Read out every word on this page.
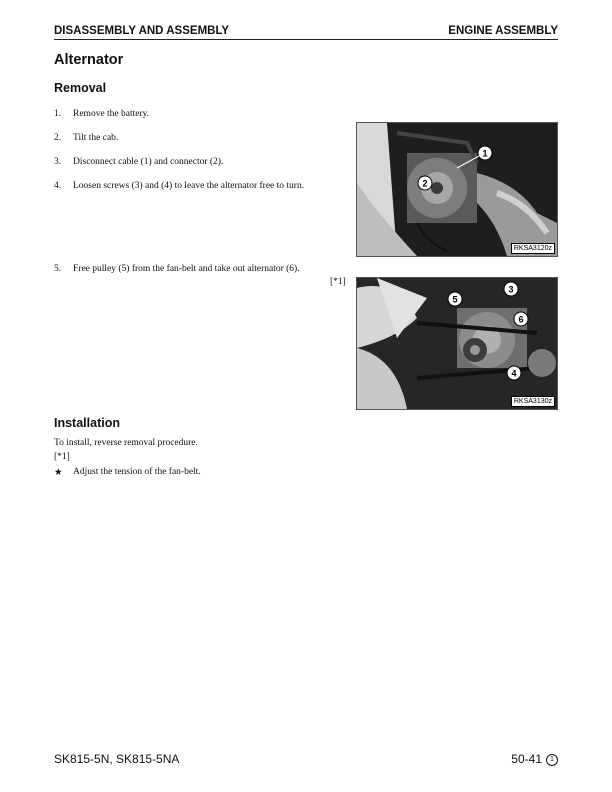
DISASSEMBLY AND ASSEMBLY	ENGINE ASSEMBLY
Alternator
Removal
1. Remove the battery.
2. Tilt the cab.
3. Disconnect cable (1) and connector (2).
4. Loosen screws (3) and (4) to leave the alternator free to turn.
5. Free pulley (5) from the fan-belt and take out alternator (6).
[*1]
1
2
RKSA3120z
5
3
6
4
RKSA3130z
Installation
To install, reverse removal procedure.
[*1]
★ Adjust the tension of the fan-belt.
SK815-5N, SK815-5NA	50-41 1
